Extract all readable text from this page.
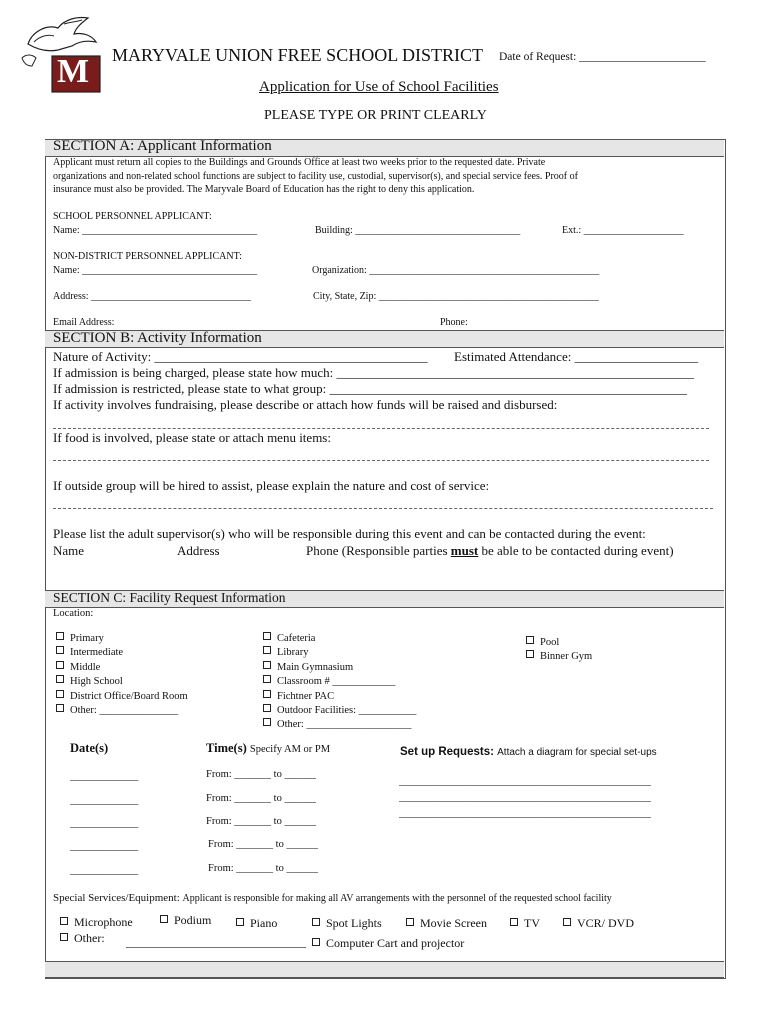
M MARYVALE UNION FREE SCHOOL DISTRICT Date of Request: ______________________
Application for Use of School Facilities
PLEASE TYPE OR PRINT CLEARLY
SECTION A: Applicant Information
Applicant must return all copies to the Buildings and Grounds Office at least two weeks prior to the requested date. Private
organizations and non-related school functions are subject to facility use, custodial, supervisor(s), and special service fees. Proof of
insurance must also be provided. The Maryvale Board of Education has the right to deny this application.
SCHOOL PERSONNEL APPLICANT:
Name: ___________________________________	Building: _________________________________	Ext.: ____________________
NON-DISTRICT PERSONNEL APPLICANT:
Name: ___________________________________	Organization: ______________________________________________
Address: ________________________________	City, State, Zip: ____________________________________________
Email Address:	Phone:
SECTION B: Activity Information
Nature of Activity: __________________________________________ Estimated Attendance: ___________________
If admission is being charged, please state how much: _______________________________________________________
If admission is restricted, please state to what group: _______________________________________________________
If activity involves fundraising, please describe or attach how funds will be raised and disbursed:
If food is involved, please state or attach menu items:
If outside group will be hired to assist, please explain the nature and cost of service:
Please list the adult supervisor(s) who will be responsible during this event and can be contacted during the event:
Name	Address	Phone (Responsible parties must be able to be contacted during event)
SECTION C: Facility Request Information
Location:
Primary
Intermediate
Middle
High School
District Office/Board Room
Other: _______________
Cafeteria
Library
Main Gymnasium
Classroom # ____________
Fichtner PAC
Outdoor Facilities: ___________
Other: ____________________
Pool
Binner Gym
Date(s)	Time(s) Specify AM or PM	Set up Requests: Attach a diagram for special set-ups
_____________	From: _______ to ______
_____________	From: _______ to ______
_____________	From: _______ to ______
_____________	From: _______ to ______
_____________	From: _______ to ______
________________________________________________
________________________________________________
________________________________________________
Special Services/Equipment: Applicant is responsible for making all AV arrangements with the personnel of the requested school facility
Microphone	Podium	Piano	Spot Lights	Movie Screen	TV	VCR/ DVD
Other: ______________________________	Computer Cart and projector
